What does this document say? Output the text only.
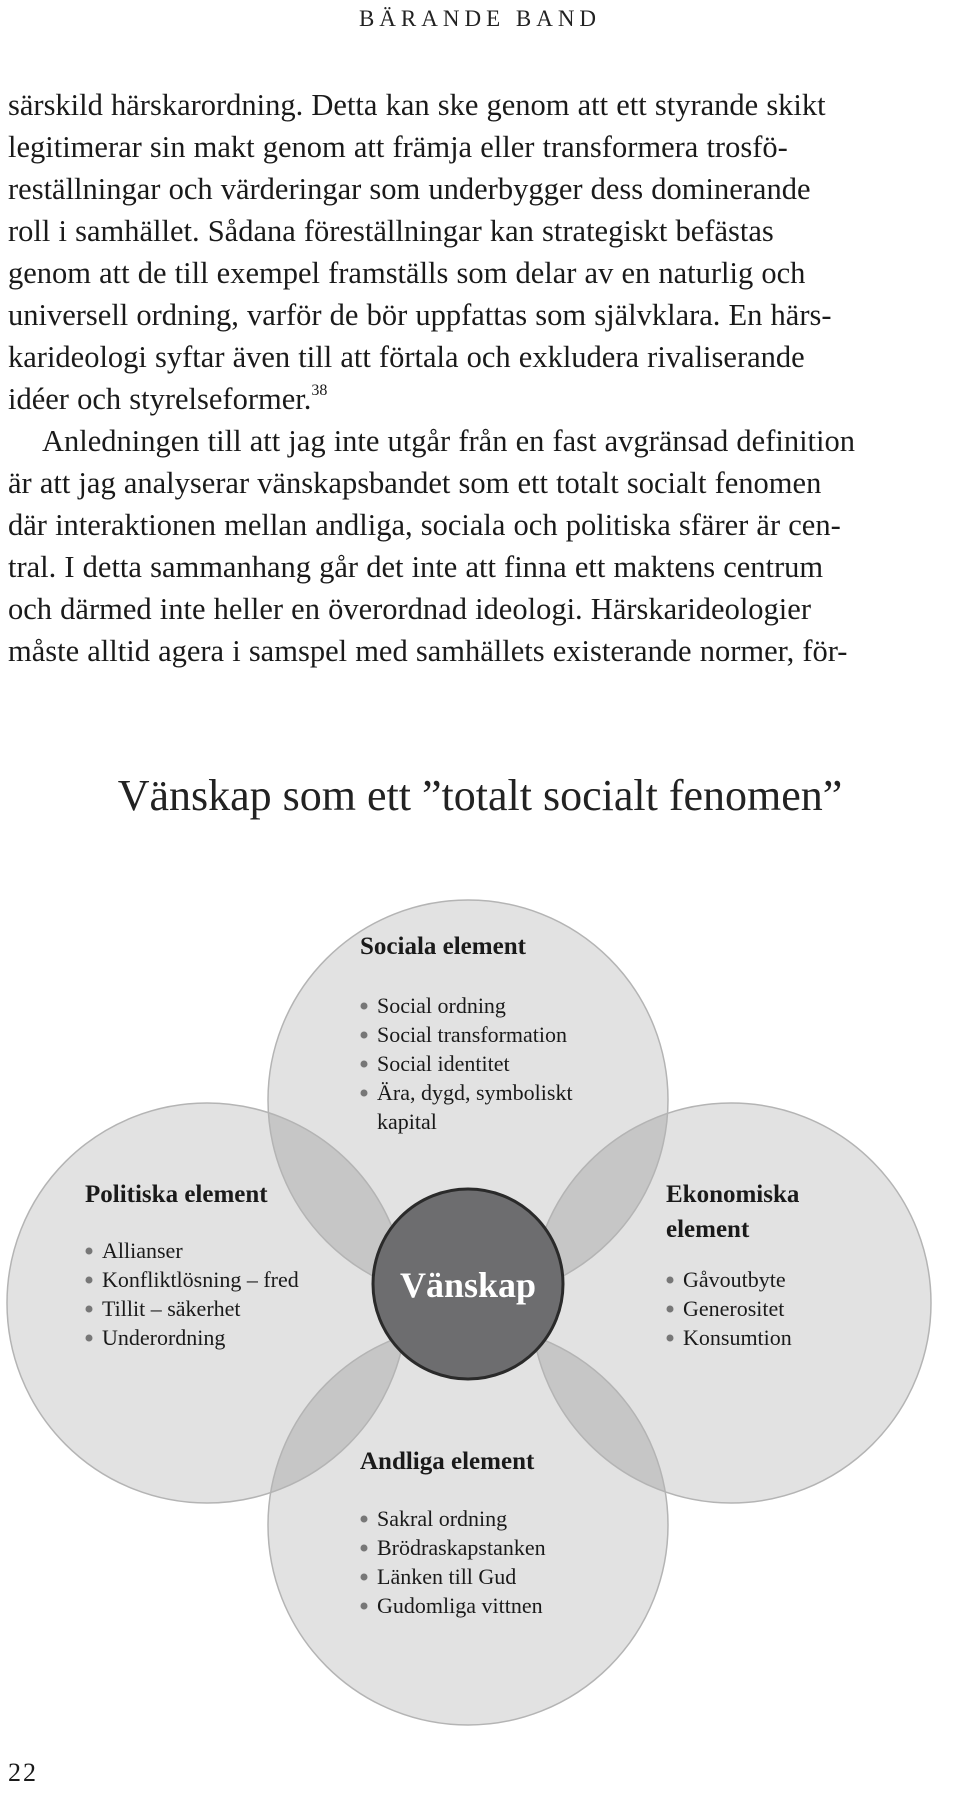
BÄRANDE BAND

särskild härskarordning. Detta kan ske genom att ett styrande skikt
legitimerar sin makt genom att främja eller transformera trosfö-
reställningar och värderingar som underbygger dess dominerande
roll i samhället. Sådana föreställningar kan strategiskt befästas
genom att de till exempel framställs som delar av en naturlig och
universell ordning, varför de bör uppfattas som självklara. En härs-
karideologi syftar även till att förtala och exkludera rivaliserande
idéer och styrelseformer.$^{38}$

Anledningen till att jag inte utgår från en fast avgränsad definition
är att jag analyserar vänskapsbandet som ett totalt socialt fenomen
där interaktionen mellan andliga, sociala och politiska sfärer är cen-
tral. I detta sammanhang går det inte att finna ett maktens centrum
och därmed inte heller en överordnad ideologi. Härskarideologier
måste alltid agera i samspel med samhällets existerande normer, för-

Vänskap som ett ”totalt socialt fenomen”
Vänskap
Sociala element
Social ordning
Social transformation
Social identitet
Ära, dygd, symboliskt
kapital
Politiska element
Allianser
Konfliktlösning – fred
Tillit – säkerhet
Underordning
Ekonomiska
element
Gåvoutbyte
Generositet
Konsumtion
Andliga element
Sakral ordning
Brödraskapstanken
Länken till Gud
Gudomliga vittnen
22
